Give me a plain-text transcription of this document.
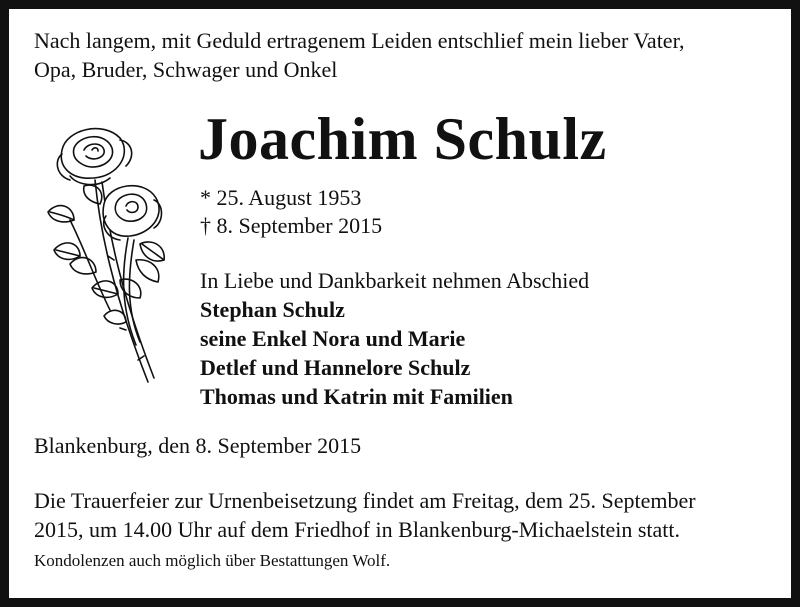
Nach langem, mit Geduld ertragenem Leiden entschlief mein lieber Vater,
Opa, Bruder, Schwager und Onkel
Joachim Schulz
* 25. August 1953
† 8. September 2015
In Liebe und Dankbarkeit nehmen Abschied
Stephan Schulz
seine Enkel Nora und Marie
Detlef und Hannelore Schulz
Thomas und Katrin mit Familien
Blankenburg, den 8. September 2015
Die Trauerfeier zur Urnenbeisetzung findet am Freitag, dem 25. September
2015, um 14.00 Uhr auf dem Friedhof in Blankenburg-Michaelstein statt.
Kondolenzen auch möglich über Bestattungen Wolf.
